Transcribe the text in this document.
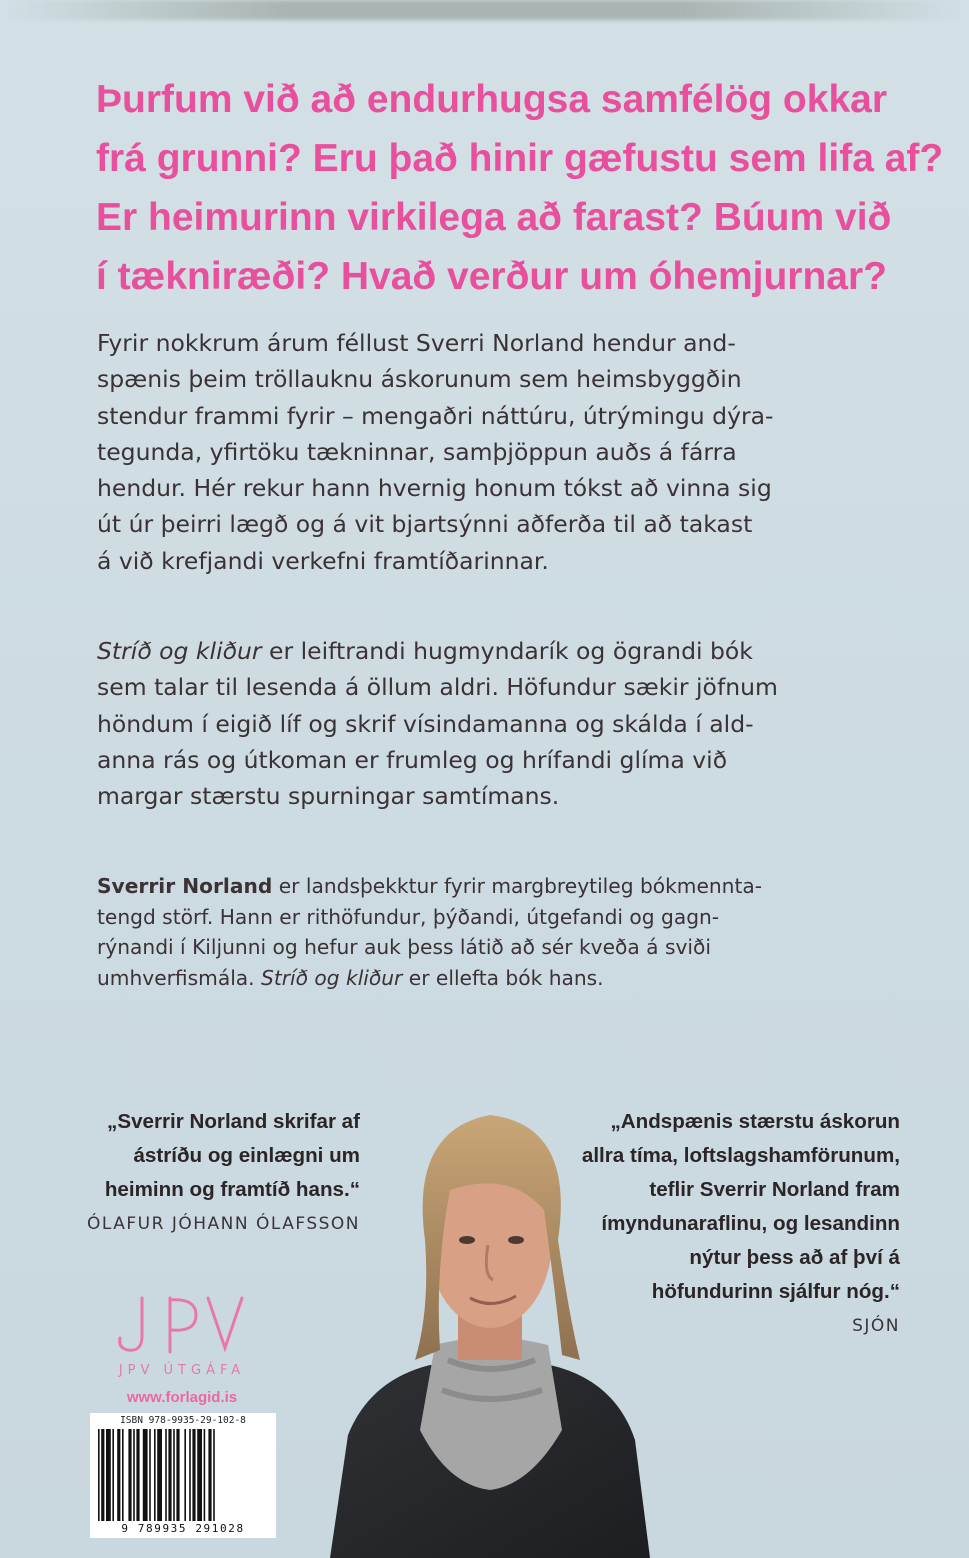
Þurfum við að endurhugsa samfélög okkar
frá grunni? Eru það hinir gæfustu sem lifa af?
Er heimurinn virkilega að farast? Búum við
í tækniræði? Hvað verður um óhemjurnar?
Fyrir nokkrum árum féllust Sverri Norland hendur and-
spænis þeim tröllauknu áskorunum sem heimsbyggðin
stendur frammi fyrir – mengaðri náttúru, útrýmingu dýra-
tegunda, yfirtöku tækninnar, samþjöppun auðs á fárra
hendur. Hér rekur hann hvernig honum tókst að vinna sig
út úr þeirri lægð og á vit bjartsýnni aðferða til að takast
á við krefjandi verkefni framtíðarinnar.
Stríð og kliður er leiftrandi hugmyndarík og ögrandi bók
sem talar til lesenda á öllum aldri. Höfundur sækir jöfnum
höndum í eigið líf og skrif vísindamanna og skálda í ald-
anna rás og útkoman er frumleg og hrífandi glíma við
margar stærstu spurningar samtímans.
Sverrir Norland er landsþekktur fyrir margbreytileg bókmennta-
tengd störf. Hann er rithöfundur, þýðandi, útgefandi og gagn-
rýnandi í Kiljunni og hefur auk þess látið að sér kveða á sviði
umhverfismála. Stríð og kliður er ellefta bók hans.
„Sverrir Norland skrifar af
ástríðu og einlægni um
heiminn og framtíð hans.“
ÓLAFUR JÓHANN ÓLAFSSON
„Andspænis stærstu áskorun
allra tíma, loftslagshamförunum,
teflir Sverrir Norland fram
ímyndunaraflinu, og lesandinn
nýtur þess að af því á
höfundurinn sjálfur nóg.“
SJÓN
JPV ÚTGÁFA
www.forlagid.is
ISBN 978-9935-29-102-8
9 789935 291028
